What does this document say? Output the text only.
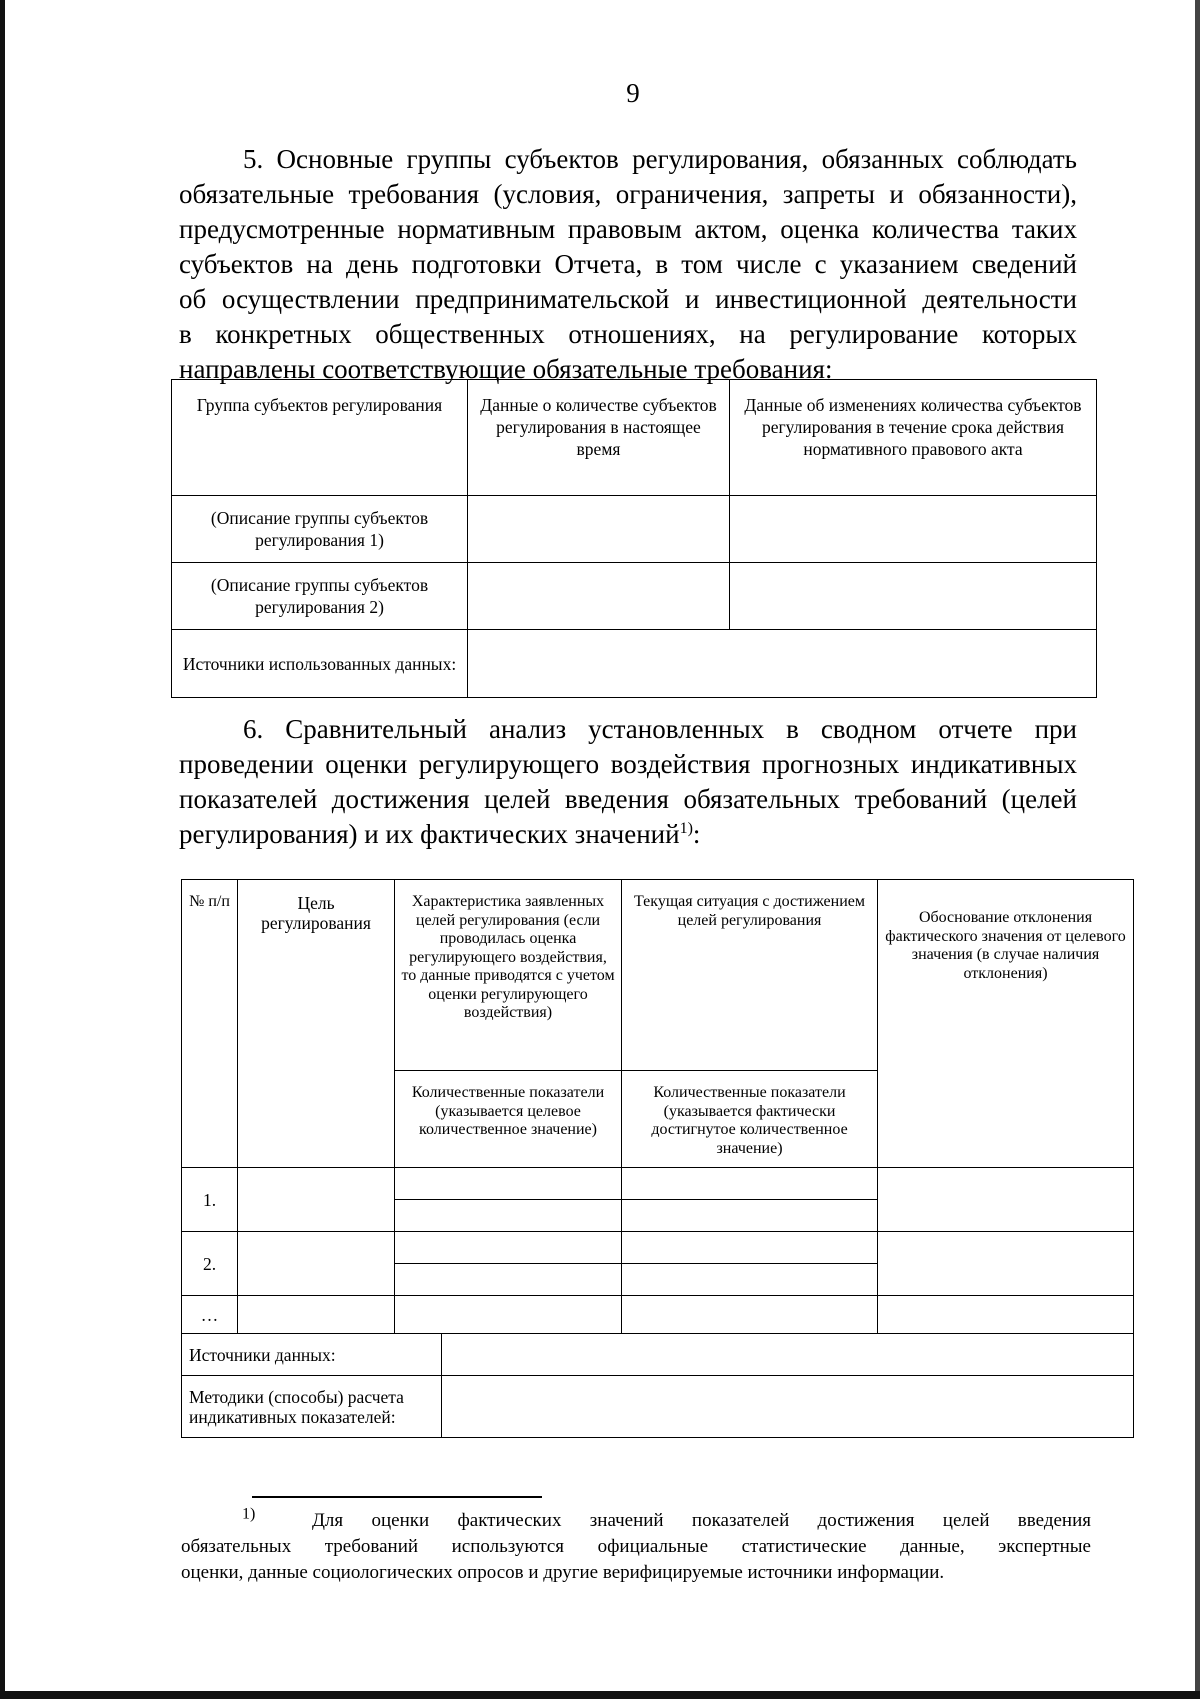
9
5. Основные группы субъектов регулирования, обязанных соблюдать
обязательные требования (условия, ограничения, запреты и обязанности),
предусмотренные нормативным правовым актом, оценка количества таких
субъектов на день подготовки Отчета, в том числе с указанием сведений
об осуществлении предпринимательской и инвестиционной деятельности
в конкретных общественных отношениях, на регулирование которых
направлены соответствующие обязательные требования:
Группа субъектов регулирования	Данные о количестве субъектов регулирования в настоящее время	Данные об изменениях количества субъектов регулирования в течение срока действия нормативного правового акта
(Описание группы субъектов регулирования 1)		
(Описание группы субъектов регулирования 2)		
Источники использованных данных:		
6. Сравнительный анализ установленных в сводном отчете при
проведении оценки регулирующего воздействия прогнозных индикативных
показателей достижения целей введения обязательных требований (целей
регулирования) и их фактических значений$^{1)}$:
№ п/п	Цель регулирования	Характеристика заявленных целей регулирования (если проводилась оценка регулирующего воздействия, то данные приводятся с учетом оценки регулирующего воздействия)		Текущая ситуация с достижением целей регулирования	Обоснование отклонения фактического значения от целевого значения (в случае наличия отклонения)
		Количественные показатели (указывается целевое количественное значение)		Количественные показатели (указывается фактически достигнутое количественное значение)	
1.					

2.					

…					
Источники данных:					
Методики (способы) расчета индикативных показателей:					
$^{1)}$	Для оценки фактических значений показателей достижения целей введения
обязательных требований используются официальные статистические данные, экспертные
оценки, данные социологических опросов и другие верифицируемые источники информации.
